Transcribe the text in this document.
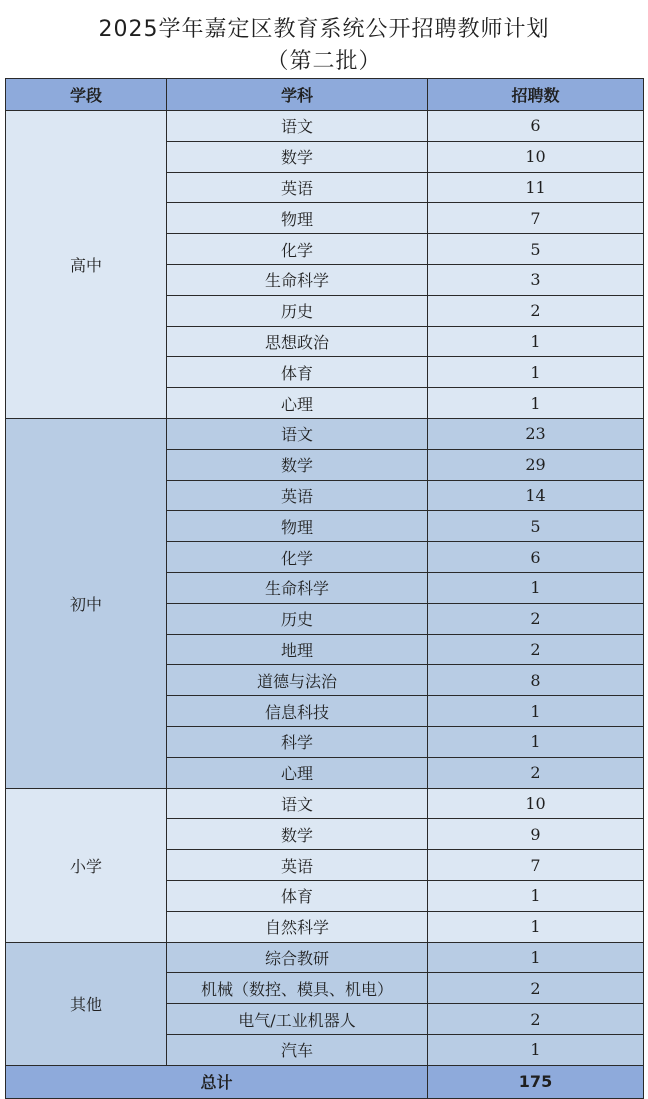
2025学年嘉定区教育系统公开招聘教师计划
（第二批）
学段	学科	招聘数
高中	语文	6
	数学	10
	英语	11
	物理	7
	化学	5
	生命科学	3
	历史	2
	思想政治	1
	体育	1
	心理	1
初中	语文	23
	数学	29
	英语	14
	物理	5
	化学	6
	生命科学	1
	历史	2
	地理	2
	道德与法治	8
	信息科技	1
	科学	1
	心理	2
小学	语文	10
	数学	9
	英语	7
	体育	1
	自然科学	1
其他	综合教研	1
	机械（数控、模具、机电）	2
	电气/工业机器人	2
	汽车	1
总计		175
